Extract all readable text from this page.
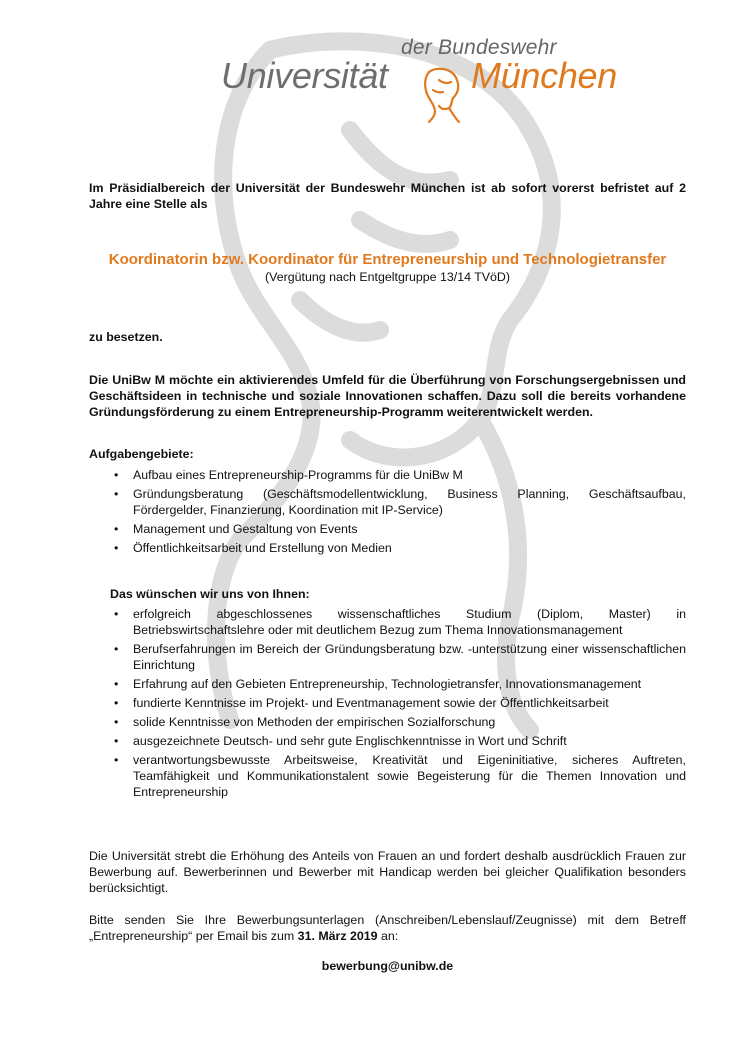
der Bundeswehr
Universität München
Im Präsidialbereich der Universität der Bundeswehr München ist ab sofort vorerst befristet auf 2 Jahre eine Stelle als
Koordinatorin bzw. Koordinator für Entrepreneurship und Technologietransfer
(Vergütung nach Entgeltgruppe 13/14 TVöD)
zu besetzen.
Die UniBw M möchte ein aktivierendes Umfeld für die Überführung von Forschungsergebnissen und Geschäftsideen in technische und soziale Innovationen schaffen. Dazu soll die bereits vorhandene Gründungsförderung zu einem Entrepreneurship-Programm weiterentwickelt werden.
Aufgabengebiete:
• Aufbau eines Entrepreneurship-Programms für die UniBw M
• Gründungsberatung (Geschäftsmodellentwicklung, Business Planning, Geschäftsaufbau, Fördergelder, Finanzierung, Koordination mit IP-Service)
• Management und Gestaltung von Events
• Öffentlichkeitsarbeit und Erstellung von Medien
Das wünschen wir uns von Ihnen:
• erfolgreich abgeschlossenes wissenschaftliches Studium (Diplom, Master) in Betriebswirtschaftslehre oder mit deutlichem Bezug zum Thema Innovationsmanagement
• Berufserfahrungen im Bereich der Gründungsberatung bzw. -unterstützung einer wissenschaftlichen Einrichtung
• Erfahrung auf den Gebieten Entrepreneurship, Technologietransfer, Innovationsmanagement
• fundierte Kenntnisse im Projekt- und Eventmanagement sowie der Öffentlichkeitsarbeit
• solide Kenntnisse von Methoden der empirischen Sozialforschung
• ausgezeichnete Deutsch- und sehr gute Englischkenntnisse in Wort und Schrift
• verantwortungsbewusste Arbeitsweise, Kreativität und Eigeninitiative, sicheres Auftreten, Teamfähigkeit und Kommunikationstalent sowie Begeisterung für die Themen Innovation und Entrepreneurship
Die Universität strebt die Erhöhung des Anteils von Frauen an und fordert deshalb ausdrücklich Frauen zur Bewerbung auf. Bewerberinnen und Bewerber mit Handicap werden bei gleicher Qualifikation besonders berücksichtigt.
Bitte senden Sie Ihre Bewerbungsunterlagen (Anschreiben/Lebenslauf/Zeugnisse) mit dem Betreff „Entrepreneurship“ per Email bis zum 31. März 2019 an:
bewerbung@unibw.de
